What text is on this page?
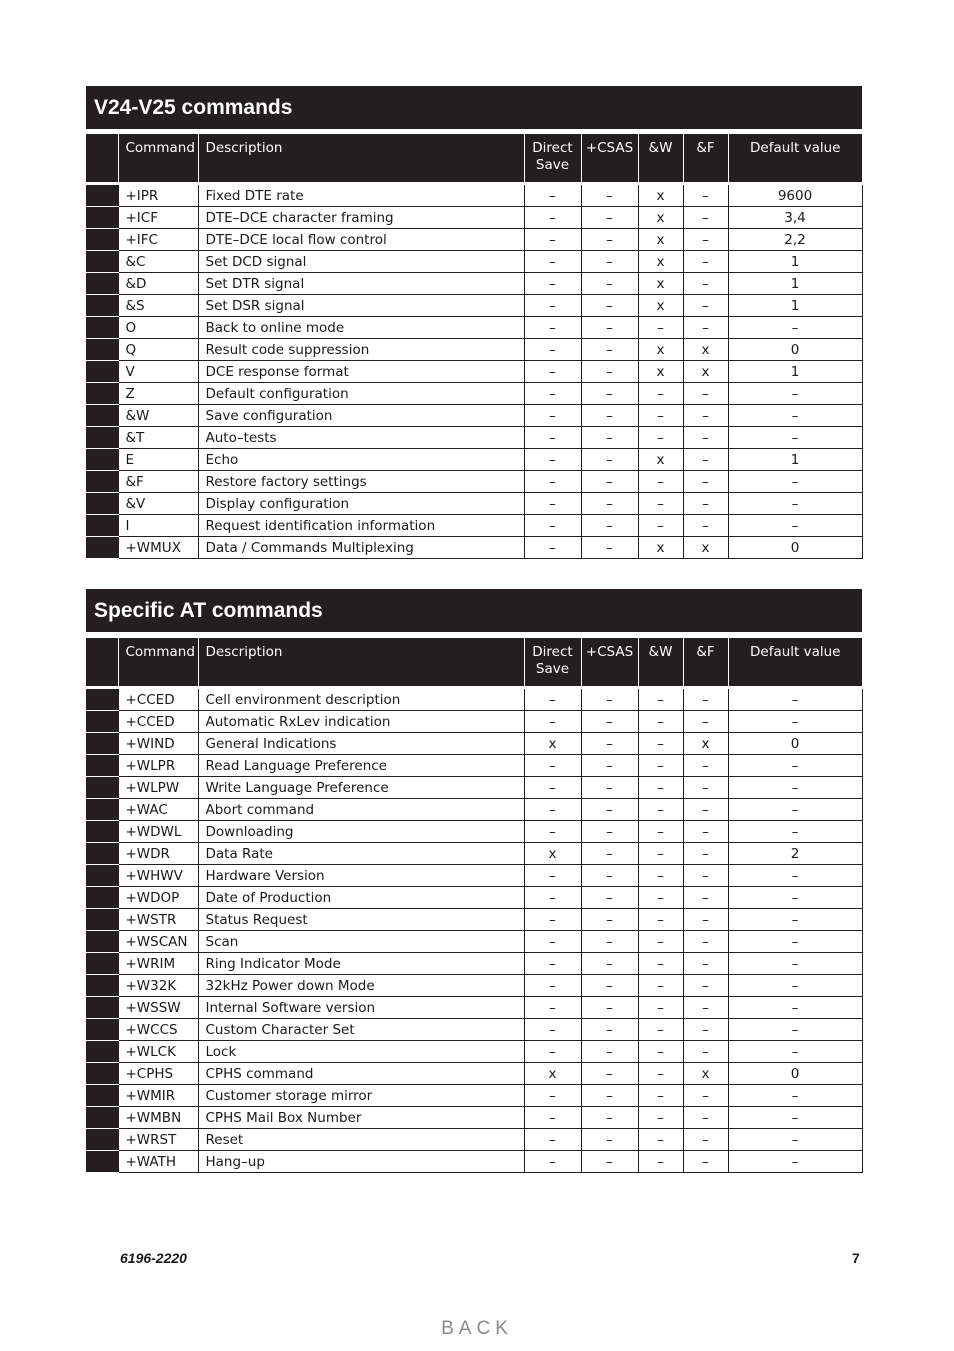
V24-V25 commands
	Command	Description	Direct Save	+CSAS	&W	&F	Default value

	+IPR	Fixed DTE rate	–	–	x	–	9600
	+ICF	DTE–DCE character framing	–	–	x	–	3,4
	+IFC	DTE–DCE local flow control	–	–	x	–	2,2
	&C	Set DCD signal	–	–	x	–	1
	&D	Set DTR signal	–	–	x	–	1
	&S	Set DSR signal	–	–	x	–	1
	O	Back to online mode	–	–	–	–	–
	Q	Result code suppression	–	–	x	x	0
	V	DCE response format	–	–	x	x	1
	Z	Default configuration	–	–	–	–	–
	&W	Save configuration	–	–	–	–	–
	&T	Auto–tests	–	–	–	–	–
	E	Echo	–	–	x	–	1
	&F	Restore factory settings	–	–	–	–	–
	&V	Display configuration	–	–	–	–	–
	I	Request identification information	–	–	–	–	–
	+WMUX	Data / Commands Multiplexing	–	–	x	x	0
Specific AT commands
	Command	Description	Direct Save	+CSAS	&W	&F	Default value

	+CCED	Cell environment description	–	–	–	–	–
	+CCED	Automatic RxLev indication	–	–	–	–	–
	+WIND	General Indications	x	–	–	x	0
	+WLPR	Read Language Preference	–	–	–	–	–
	+WLPW	Write Language Preference	–	–	–	–	–
	+WAC	Abort command	–	–	–	–	–
	+WDWL	Downloading	–	–	–	–	–
	+WDR	Data Rate	x	–	–	–	2
	+WHWV	Hardware Version	–	–	–	–	–
	+WDOP	Date of Production	–	–	–	–	–
	+WSTR	Status Request	–	–	–	–	–
	+WSCAN	Scan	–	–	–	–	–
	+WRIM	Ring Indicator Mode	–	–	–	–	–
	+W32K	32kHz Power down Mode	–	–	–	–	–
	+WSSW	Internal Software version	–	–	–	–	–
	+WCCS	Custom Character Set	–	–	–	–	–
	+WLCK	Lock	–	–	–	–	–
	+CPHS	CPHS command	x	–	–	x	0
	+WMIR	Customer storage mirror	–	–	–	–	–
	+WMBN	CPHS Mail Box Number	–	–	–	–	–
	+WRST	Reset	–	–	–	–	–
	+WATH	Hang–up	–	–	–	–	–
6196-2220	7
BACK
